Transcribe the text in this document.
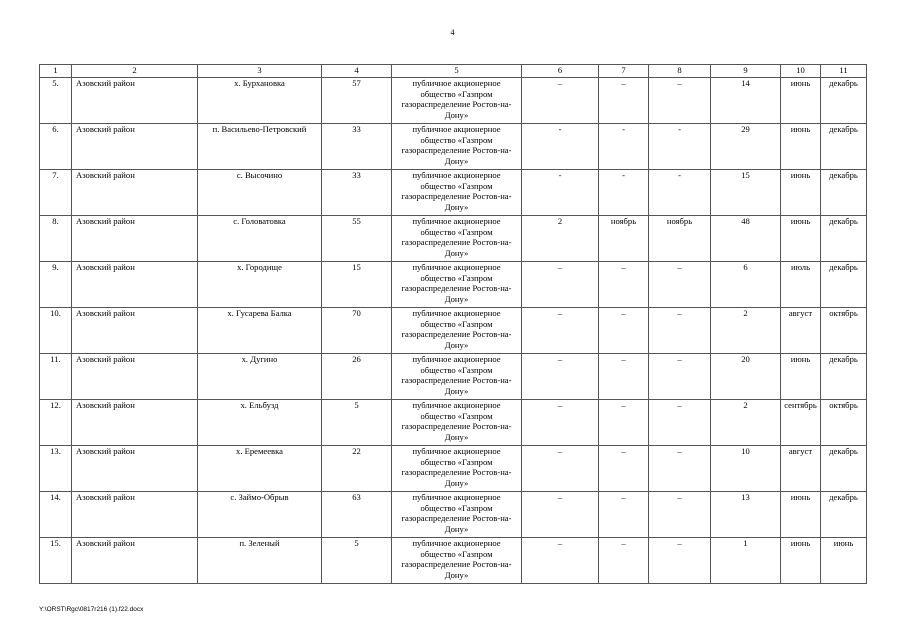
4
1	2	3	4	5	6	7	8	9	10	11
5.	Азовский район	х. Бурхановка	57	публичное акционерное общество «Газпром газораспределение Ростов-на-Дону»	–	–	–	14	июнь	декабрь
6.	Азовский район	п. Васильево-Петровский	33	публичное акционерное общество «Газпром газораспределение Ростов-на-Дону»	-	-	-	29	июнь	декабрь
7.	Азовский район	с. Высочино	33	публичное акционерное общество «Газпром газораспределение Ростов-на-Дону»	-	-	-	15	июнь	декабрь
8.	Азовский район	с. Головатовка	55	публичное акционерное общество «Газпром газораспределение Ростов-на-Дону»	2	ноябрь	ноябрь	48	июнь	декабрь
9.	Азовский район	х. Городище	15	публичное акционерное общество «Газпром газораспределение Ростов-на-Дону»	–	–	–	6	июль	декабрь
10.	Азовский район	х. Гусарева Балка	70	публичное акционерное общество «Газпром газораспределение Ростов-на-Дону»	–	–	–	2	август	октябрь
11.	Азовский район	х. Дугино	26	публичное акционерное общество «Газпром газораспределение Ростов-на-Дону»	–	–	–	20	июнь	декабрь
12.	Азовский район	х. Ельбузд	5	публичное акционерное общество «Газпром газораспределение Ростов-на-Дону»	–	–	–	2	сентябрь	октябрь
13.	Азовский район	х. Еремеевка	22	публичное акционерное общество «Газпром газораспределение Ростов-на-Дону»	–	–	–	10	август	декабрь
14.	Азовский район	с. Займо-Обрыв	63	публичное акционерное общество «Газпром газораспределение Ростов-на-Дону»	–	–	–	13	июнь	декабрь
15.	Азовский район	п. Зеленый	5	публичное акционерное общество «Газпром газораспределение Ростов-на-Дону»	–	–	–	1	июнь	июнь
Y:\ORST\Rgc\0817r216 (1).f22.docx
